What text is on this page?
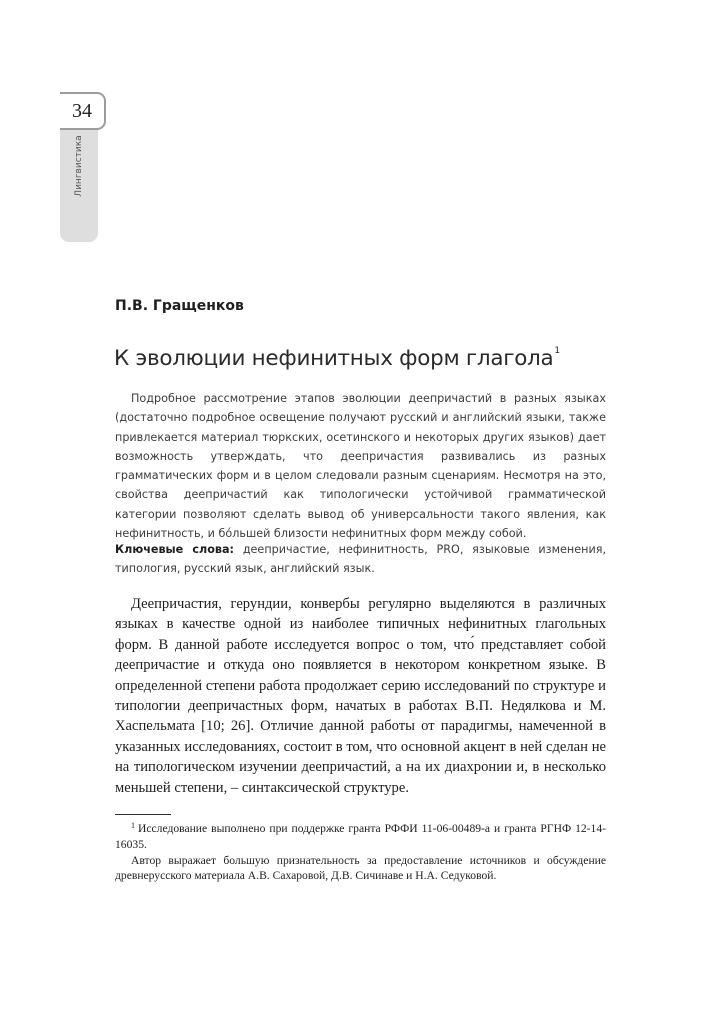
34
Лингвистика
П.В. Гращенков
К эволюции нефинитных форм глагола$^1$

Подробное рассмотрение этапов эволюции деепричастий в разных языках (достаточно подробное освещение получают русский и английский языки, также привлекается материал тюркских, осетинского и некоторых других языков) дает возможность утверждать, что деепричастия развивались из разных грамматических форм и в целом следовали разным сценариям. Несмотря на это, свойства деепричастий как типологически устойчивой грамматической категории позволяют сделать вывод об универсальности такого явления, как нефинитность, и бóльшей близости нефинитных форм между собой.

Ключевые слова: деепричастие, нефинитность, PRO, языковые изменения, типология, русский язык, английский язык.

Деепричастия, герундии, конвербы регулярно выделяются в различных языках в качестве одной из наиболее типичных нефинитных глагольных форм. В данной работе исследуется вопрос о том, что́ представляет собой деепричастие и откуда оно появляется в некотором конкретном языке. В определенной степени работа продолжает серию исследований по структуре и типологии деепричастных форм, начатых в работах В.П. Недялкова и М. Хаспельмата [10; 26]. Отличие данной работы от парадигмы, намеченной в указанных исследованиях, состоит в том, что основной акцент в ней сделан не на типологическом изучении деепричастий, а на их диахронии и, в несколько меньшей степени, – синтаксической структуре.

$^1$ Исследование выполнено при поддержке гранта РФФИ 11-06-00489-а и гранта РГНФ 12-14-16035.

Автор выражает большую признательность за предоставление источников и обсуждение древнерусского материала А.В. Сахаровой, Д.В. Сичинаве и Н.А. Седуковой.
